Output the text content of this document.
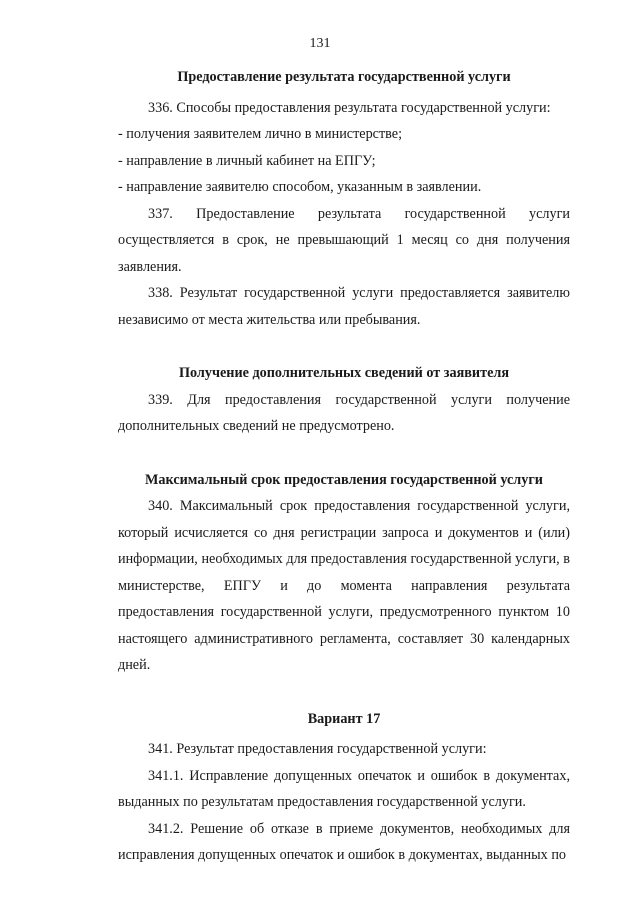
131

Предоставление результата государственной услуги

336. Способы предоставления результата государственной услуги:

- получения заявителем лично в министерстве;

- направление в личный кабинет на ЕПГУ;

- направление заявителю способом, указанным в заявлении.

337. Предоставление результата государственной услуги осуществляется в срок, не превышающий 1 месяц со дня получения заявления.

338. Результат государственной услуги предоставляется заявителю независимо от места жительства или пребывания.

Получение дополнительных сведений от заявителя

339. Для предоставления государственной услуги получение дополнительных сведений не предусмотрено.

Максимальный срок предоставления государственной услуги

340. Максимальный срок предоставления государственной услуги, который исчисляется со дня регистрации запроса и документов и (или) информации, необходимых для предоставления государственной услуги, в министерстве, ЕПГУ и до момента направления результата предоставления государственной услуги, предусмотренного пунктом 10 настоящего административного регламента, составляет 30 календарных дней.

Вариант 17

341. Результат предоставления государственной услуги:

341.1. Исправление допущенных опечаток и ошибок в документах, выданных по результатам предоставления государственной услуги.

341.2. Решение об отказе в приеме документов, необходимых для исправления допущенных опечаток и ошибок в документах, выданных по
